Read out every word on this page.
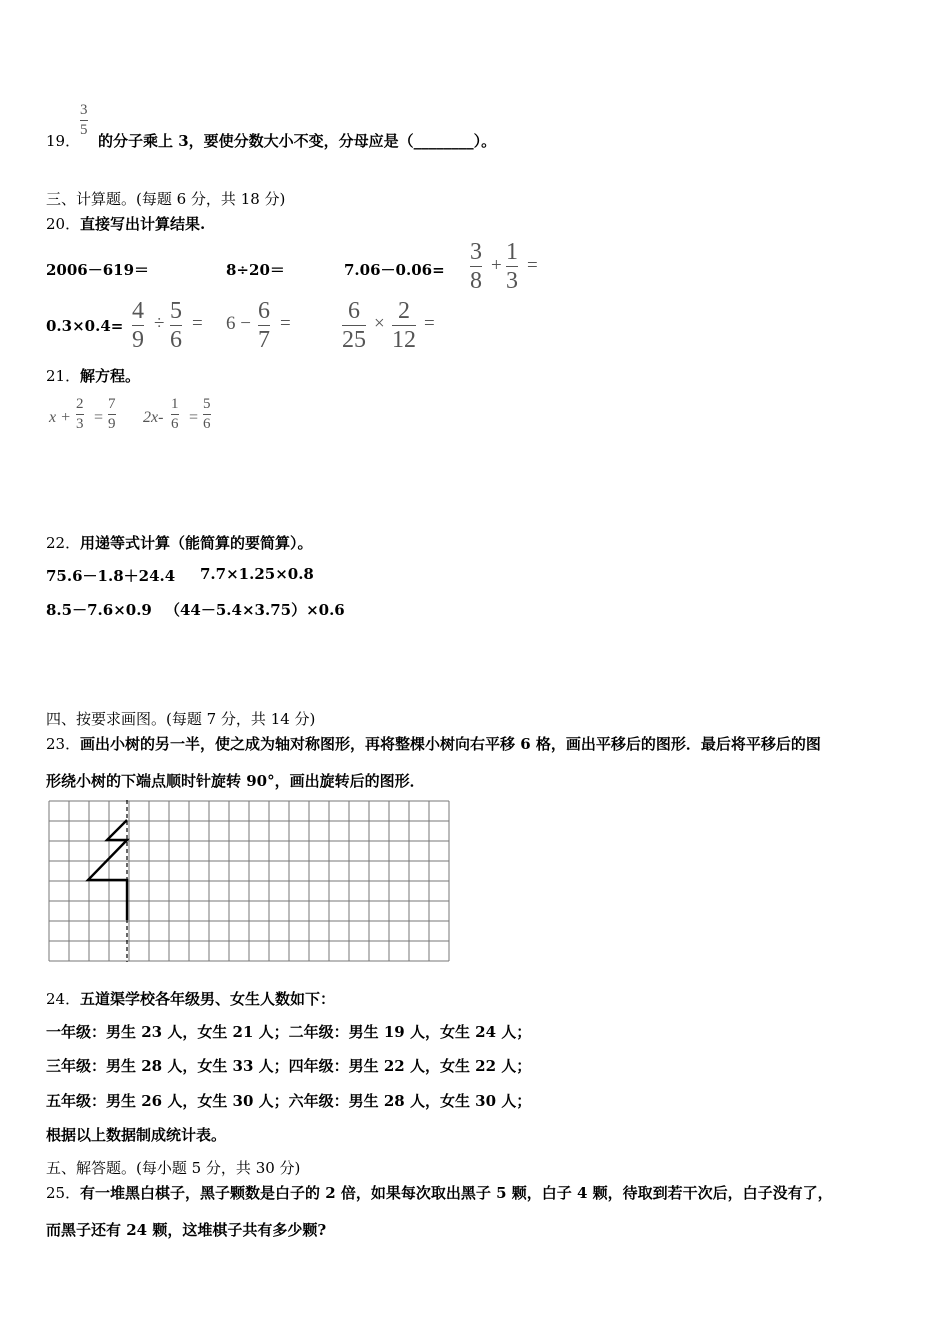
19．
3
5
的分子乘上 3，要使分数大小不变，分母应是（________）。
三、计算题。(每题 6 分，共 18 分)
20． 直接写出计算结果.
2006－619＝	8÷20＝	7.06－0.06=
3
8
+
1
3
=
0.3×0.4=
4
9
÷ 5
6
= 6 − 6
7
= 6
25
× 2
12
=
21． 解方程。
x +
2
3 =
7
9 2x-
1
6 =
5
6
22． 用递等式计算（能简算的要简算）。
75.6－1.8＋24.4 7.7×1.25×0.8
8.5－7.6×0.9 （44－5.4×3.75）×0.6
四、按要求画图。(每题 7 分，共 14 分)
23． 画出小树的另一半，使之成为轴对称图形，再将整棵小树向右平移 6 格，画出平移后的图形．最后将平移后的图
形绕小树的下端点顺时针旋转 90°，画出旋转后的图形．
24． 五道渠学校各年级男、女生人数如下：
一年级：男生 23 人，女生 21 人；二年级：男生 19 人，女生 24 人；
三年级：男生 28 人，女生 33 人；四年级：男生 22 人，女生 22 人；
五年级：男生 26 人，女生 30 人；六年级：男生 28 人，女生 30 人；
根据以上数据制成统计表。
五、解答题。(每小题 5 分，共 30 分)
25． 有一堆黑白棋子，黑子颗数是白子的 2 倍，如果每次取出黑子 5 颗，白子 4 颗，待取到若干次后，白子没有了，
而黑子还有 24 颗，这堆棋子共有多少颗?
